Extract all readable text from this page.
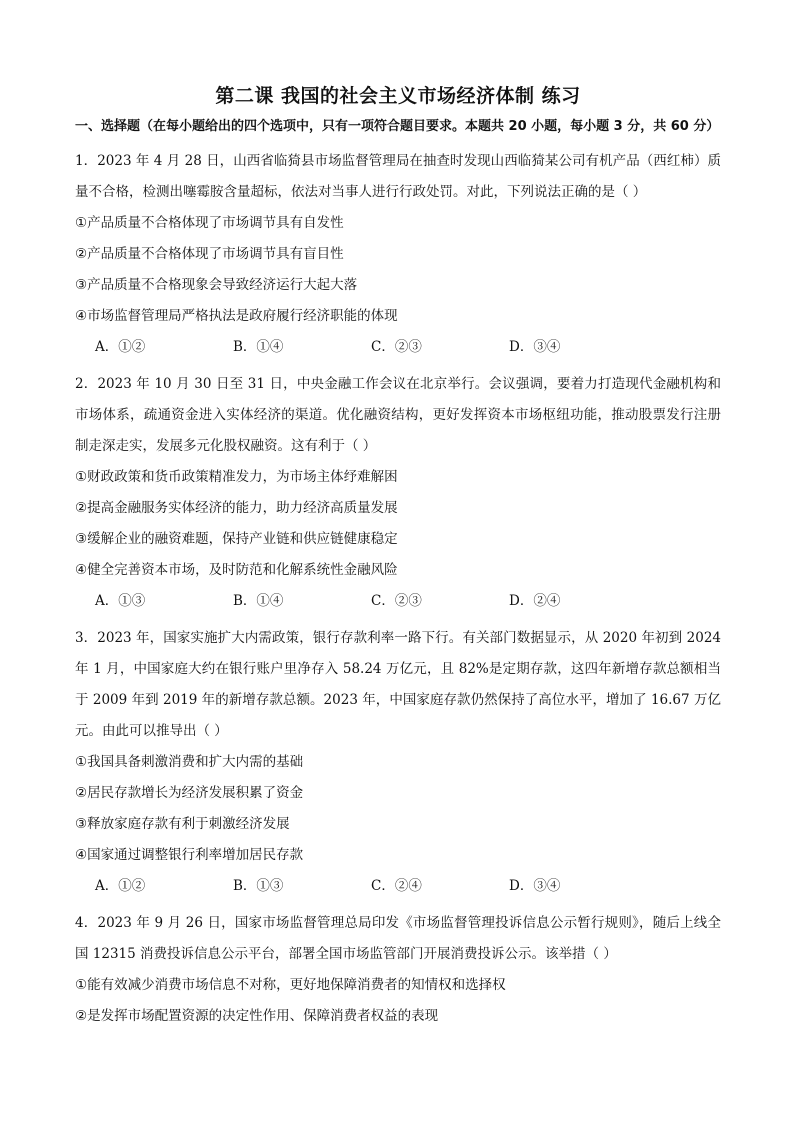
第二课 我国的社会主义市场经济体制 练习

一、选择题（在每小题给出的四个选项中，只有一项符合题目要求。本题共 20 小题，每小题 3 分，共 60 分）

1．2023 年 4 月 28 日，山西省临猗县市场监督管理局在抽查时发现山西临猗某公司有机产品（西红柿）质量不合格，检测出噻霉胺含量超标，依法对当事人进行行政处罚。对此，下列说法正确的是（ ）

①产品质量不合格体现了市场调节具有自发性

②产品质量不合格体现了市场调节具有盲目性

③产品质量不合格现象会导致经济运行大起大落

④市场监督管理局严格执法是政府履行经济职能的体现

A．①②	B．①④	C．②③	D．③④

2．2023 年 10 月 30 日至 31 日，中央金融工作会议在北京举行。会议强调，要着力打造现代金融机构和市场体系，疏通资金进入实体经济的渠道。优化融资结构，更好发挥资本市场枢纽功能，推动股票发行注册制走深走实，发展多元化股权融资。这有利于（ ）

①财政政策和货币政策精准发力，为市场主体纾难解困

②提高金融服务实体经济的能力，助力经济高质量发展

③缓解企业的融资难题，保持产业链和供应链健康稳定

④健全完善资本市场，及时防范和化解系统性金融风险

A．①③	B．①④	C．②③	D．②④

3．2023 年，国家实施扩大内需政策，银行存款利率一路下行。有关部门数据显示，从 2020 年初到 2024 年 1 月，中国家庭大约在银行账户里净存入 58.24 万亿元，且 82%是定期存款，这四年新增存款总额相当于 2009 年到 2019 年的新增存款总额。2023 年，中国家庭存款仍然保持了高位水平，增加了 16.67 万亿元。由此可以推导出（ ）

①我国具备刺激消费和扩大内需的基础

②居民存款增长为经济发展积累了资金

③释放家庭存款有利于刺激经济发展

④国家通过调整银行利率增加居民存款

A．①②	B．①③	C．②④	D．③④

4．2023 年 9 月 26 日，国家市场监督管理总局印发《市场监督管理投诉信息公示暂行规则》，随后上线全国 12315 消费投诉信息公示平台，部署全国市场监管部门开展消费投诉公示。该举措（ ）

①能有效减少消费市场信息不对称，更好地保障消费者的知情权和选择权

②是发挥市场配置资源的决定性作用、保障消费者权益的表现
